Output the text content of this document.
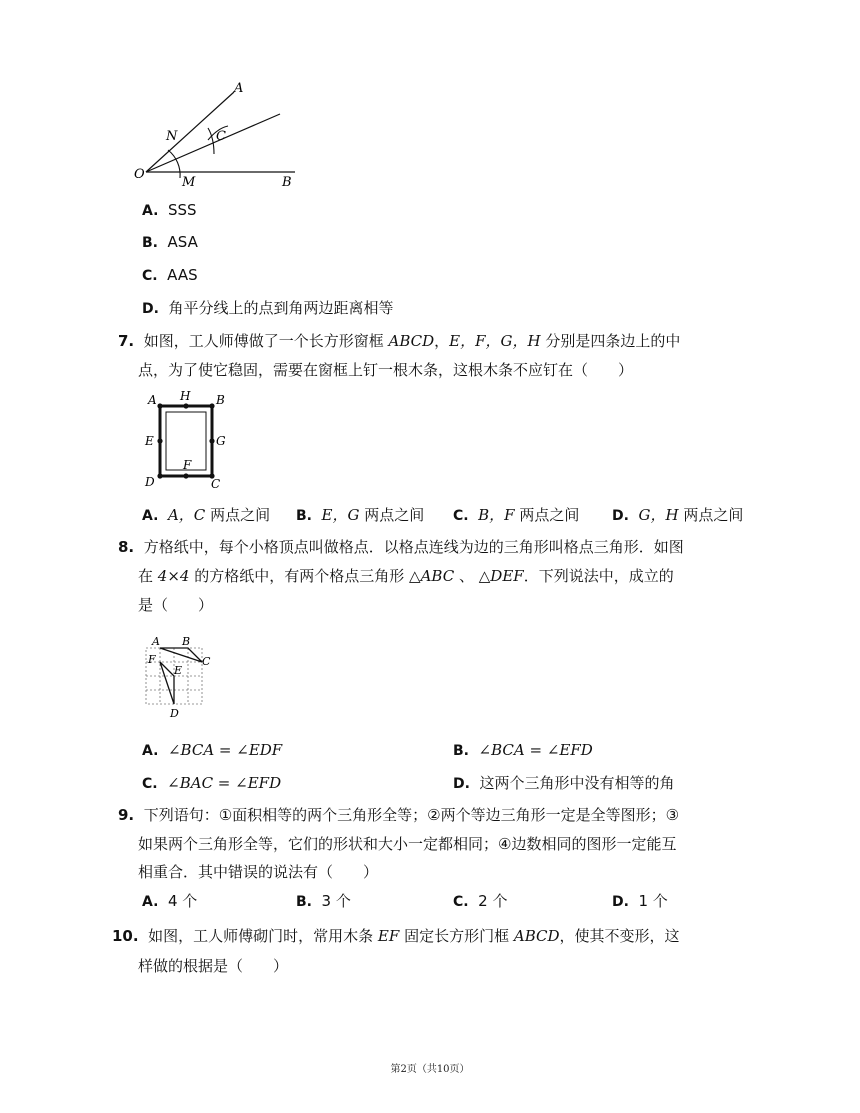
A
N	C
O
M	B
A. SSS
B. ASA
C. AAS
D. 角平分线上的点到角两边距离相等
7. 如图，工人师傅做了一个长方形窗框 ABCD，E，F，G，H 分别是四条边上的中
点，为了使它稳固，需要在窗框上钉一根木条，这根木条不应钉在（　　）
A H B
E	G
F
D	C
A. A，C 两点之间 B. E，G 两点之间 C. B，F 两点之间 D. G，H 两点之间
8. 方格纸中，每个小格顶点叫做格点．以格点连线为边的三角形叫格点三角形．如图
在 4×4 的方格纸中，有两个格点三角形 △ABC 、 △DEF．下列说法中，成立的
是（　　）
A B
C
F
E
D
A. ∠BCA = ∠EDF	B. ∠BCA = ∠EFD
C. ∠BAC = ∠EFD	D. 这两个三角形中没有相等的角
9. 下列语句：①面积相等的两个三角形全等；②两个等边三角形一定是全等图形；③
如果两个三角形全等，它们的形状和大小一定都相同；④边数相同的图形一定能互
相重合．其中错误的说法有（　　）
A. 4 个	B. 3 个	C. 2 个	D. 1 个
10. 如图，工人师傅砌门时，常用木条 EF 固定长方形门框 ABCD，使其不变形，这
样做的根据是（　　）
第2页（共10页）
